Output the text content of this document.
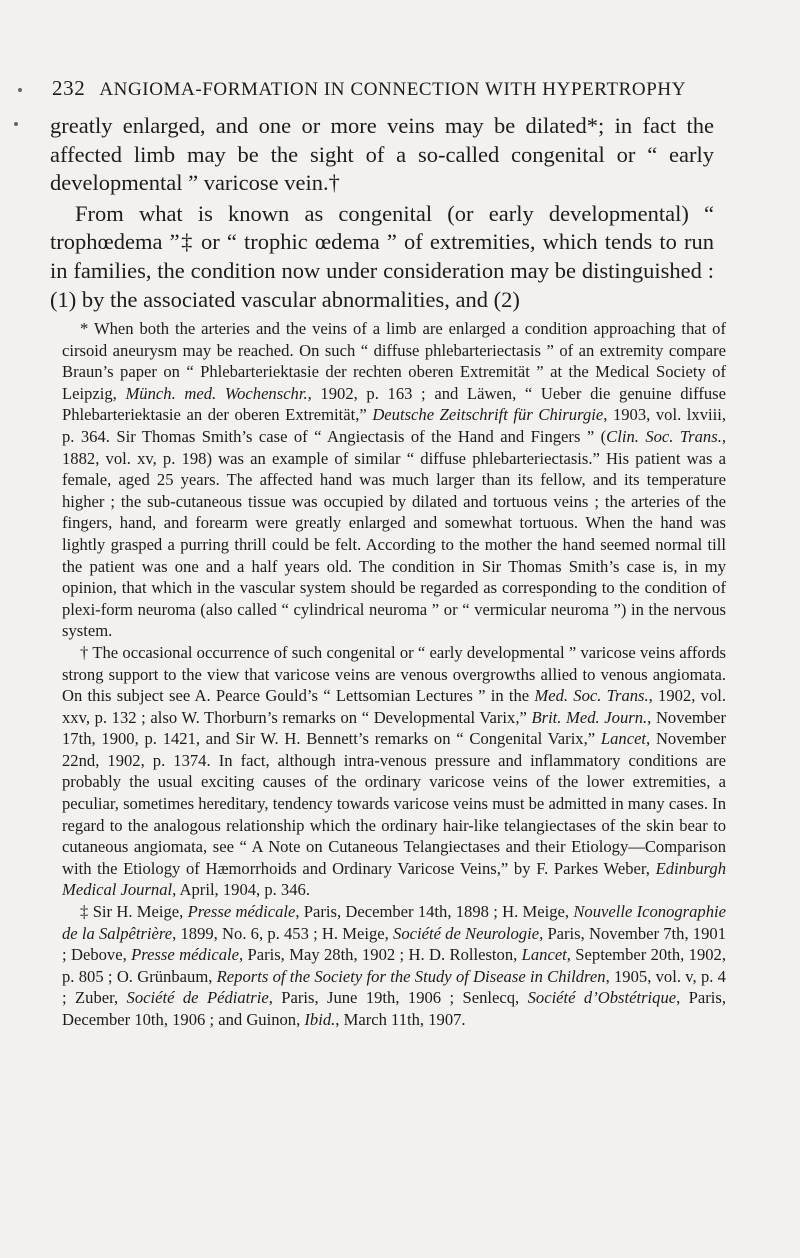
232 ANGIOMA-FORMATION IN CONNECTION WITH HYPERTROPHY

greatly enlarged, and one or more veins may be dilated*; in fact the affected limb may be the sight of a so-called congenital or “ early developmental ” varicose vein.†

From what is known as congenital (or early developmental) “ trophœdema ”‡ or “ trophic œdema ” of extremities, which tends to run in families, the condition now under consideration may be distinguished : (1) by the associated vascular abnormalities, and (2)

* When both the arteries and the veins of a limb are enlarged a condition approaching that of cirsoid aneurysm may be reached. On such “ diffuse phlebarteriectasis ” of an extremity compare Braun’s paper on “ Phlebarteriektasie der rechten oberen Extremität ” at the Medical Society of Leipzig, Münch. med. Wochenschr., 1902, p. 163 ; and Läwen, “ Ueber die genuine diffuse Phlebarteriektasie an der oberen Extremität,” Deutsche Zeitschrift für Chirurgie, 1903, vol. lxviii, p. 364. Sir Thomas Smith’s case of “ Angiectasis of the Hand and Fingers ” (Clin. Soc. Trans., 1882, vol. xv, p. 198) was an example of similar “ diffuse phlebarteriectasis.” His patient was a female, aged 25 years. The affected hand was much larger than its fellow, and its temperature higher ; the sub-cutaneous tissue was occupied by dilated and tortuous veins ; the arteries of the fingers, hand, and forearm were greatly enlarged and somewhat tortuous. When the hand was lightly grasped a purring thrill could be felt. According to the mother the hand seemed normal till the patient was one and a half years old. The condition in Sir Thomas Smith’s case is, in my opinion, that which in the vascular system should be regarded as corresponding to the condition of plexi-form neuroma (also called “ cylindrical neuroma ” or “ vermicular neuroma ”) in the nervous system.

† The occasional occurrence of such congenital or “ early developmental ” varicose veins affords strong support to the view that varicose veins are venous overgrowths allied to venous angiomata. On this subject see A. Pearce Gould’s “ Lettsomian Lectures ” in the Med. Soc. Trans., 1902, vol. xxv, p. 132 ; also W. Thorburn’s remarks on “ Developmental Varix,” Brit. Med. Journ., November 17th, 1900, p. 1421, and Sir W. H. Bennett’s remarks on “ Congenital Varix,” Lancet, November 22nd, 1902, p. 1374. In fact, although intra-venous pressure and inflammatory conditions are probably the usual exciting causes of the ordinary varicose veins of the lower extremities, a peculiar, sometimes hereditary, tendency towards varicose veins must be admitted in many cases. In regard to the analogous relationship which the ordinary hair-like telangiectases of the skin bear to cutaneous angiomata, see “ A Note on Cutaneous Telangiectases and their Etiology—Comparison with the Etiology of Hæmorrhoids and Ordinary Varicose Veins,” by F. Parkes Weber, Edinburgh Medical Journal, April, 1904, p. 346.

‡ Sir H. Meige, Presse médicale, Paris, December 14th, 1898 ; H. Meige, Nouvelle Iconographie de la Salpêtrière, 1899, No. 6, p. 453 ; H. Meige, Société de Neurologie, Paris, November 7th, 1901 ; Debove, Presse médicale, Paris, May 28th, 1902 ; H. D. Rolleston, Lancet, September 20th, 1902, p. 805 ; O. Grünbaum, Reports of the Society for the Study of Disease in Children, 1905, vol. v, p. 4 ; Zuber, Société de Pédiatrie, Paris, June 19th, 1906 ; Senlecq, Société d’Obstétrique, Paris, December 10th, 1906 ; and Guinon, Ibid., March 11th, 1907.
